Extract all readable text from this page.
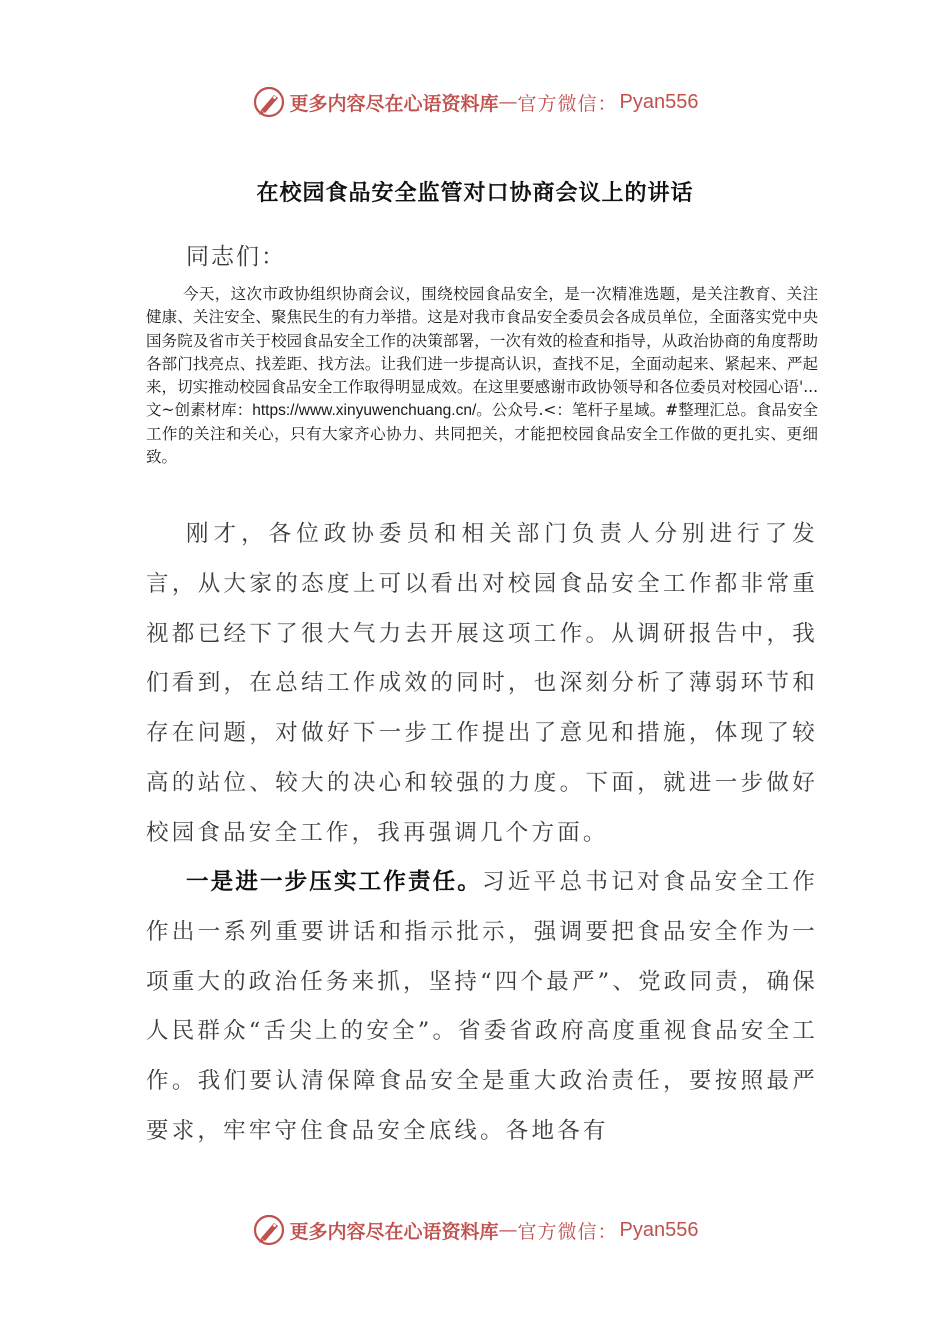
更多内容尽在心语资料库 — 官方微信： Pyan556
在校园食品安全监管对口协商会议上的讲话
同志们：
今天，这次市政协组织协商会议，围绕校园食品安全，是一次精准选题，是关注教育、关注健康、关注安全、聚焦民生的有力举措。这是对我市食品安全委员会各成员单位，全面落实党中央国务院及省市关于校园食品安全工作的决策部署，一次有效的检查和指导，从政治协商的角度帮助各部门找亮点、找差距、找方法。让我们进一步提高认识，查找不足，全面动起来、紧起来、严起来，切实推动校园食品安全工作取得明显成效。在这里要感谢市政协领导和各位委员对校园心语'...文~创素材库：https://www.xinyuwenchuang.cn/。公众号.<：笔杆子星域。#整理汇总。食品安全工作的关注和关心，只有大家齐心协力、共同把关，才能把校园食品安全工作做的更扎实、更细致。
刚才，各位政协委员和相关部门负责人分别进行了发言，从大家的态度上可以看出对校园食品安全工作都非常重视都已经下了很大气力去开展这项工作。从调研报告中，我们看到，在总结工作成效的同时，也深刻分析了薄弱环节和存在问题，对做好下一步工作提出了意见和措施，体现了较高的站位、较大的决心和较强的力度。下面，就进一步做好校园食品安全工作，我再强调几个方面。
一是进一步压实工作责任。习近平总书记对食品安全工作作出一系列重要讲话和指示批示，强调要把食品安全作为一项重大的政治任务来抓，坚持“四个最严”、党政同责，确保人民群众“舌尖上的安全”。省委省政府高度重视食品安全工作。我们要认清保障食品安全是重大政治责任，要按照最严要求，牢牢守住食品安全底线。各地各有
更多内容尽在心语资料库 — 官方微信： Pyan556
